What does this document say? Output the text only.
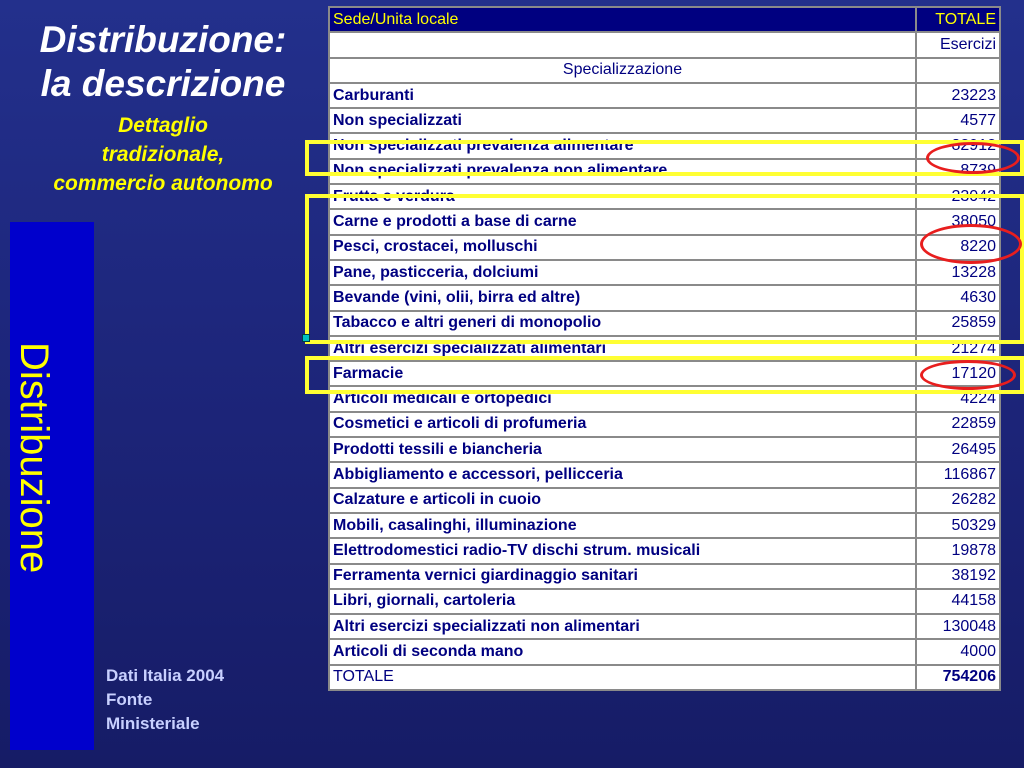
Distribuzione:
la descrizione
Dettaglio
tradizionale,
commercio autonomo
Distribuzione
Dati Italia 2004
Fonte
Ministeriale
Sede/Unita locale	TOTALE
	Esercizi
Specializzazione	
Carburanti	23223
Non specializzati	4577
Non specializzati prevalenza alimentare	82912
Non specializzati prevalenza non alimentare	8739
Frutta e verdura	23042
Carne e prodotti a base di carne	38050
Pesci, crostacei, molluschi	8220
Pane, pasticceria, dolciumi	13228
Bevande (vini, olii, birra ed altre)	4630
Tabacco e altri generi di monopolio	25859
Altri esercizi specializzati alimentari	21274
Farmacie	17120
Articoli medicali e ortopedici	4224
Cosmetici e articoli di profumeria	22859
Prodotti tessili e biancheria	26495
Abbigliamento e accessori, pellicceria	116867
Calzature e articoli in cuoio	26282
Mobili, casalinghi, illuminazione	50329
Elettrodomestici radio-TV dischi strum. musicali	19878
Ferramenta vernici giardinaggio sanitari	38192
Libri, giornali, cartoleria	44158
Altri esercizi specializzati non alimentari	130048
Articoli di seconda mano	4000
TOTALE	754206
